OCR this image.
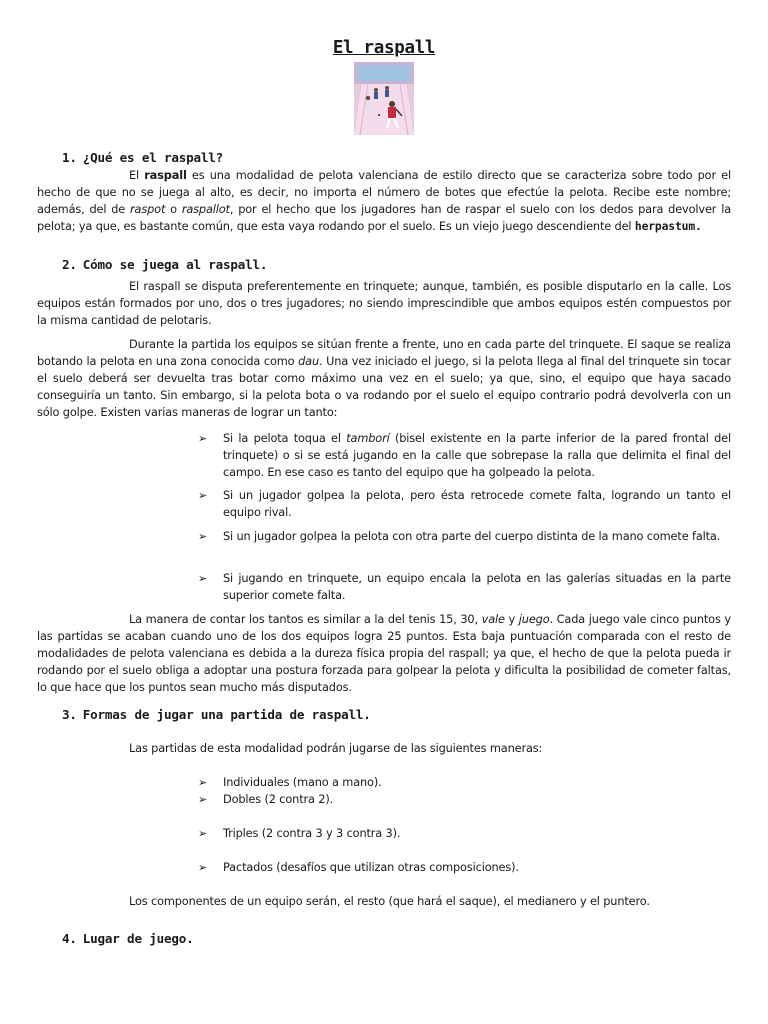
El raspall
1. ¿Qué es el raspall?
El raspall es una modalidad de pelota valenciana de estilo directo que se caracteriza sobre todo por el hecho de que no se juega al alto, es decir, no importa el número de botes que efectúe la pelota. Recibe este nombre; además, del de raspot o raspallot, por el hecho que los jugadores han de raspar el suelo con los dedos para devolver la pelota; ya que, es bastante común, que esta vaya rodando por el suelo. Es un viejo juego descendiente del herpastum.
2. Cómo se juega al raspall.
El raspall se disputa preferentemente en trinquete; aunque, también, es posible disputarlo en la calle. Los equipos están formados por uno, dos o tres jugadores; no siendo imprescindible que ambos equipos estén compuestos por la misma cantidad de pelotaris.
Durante la partida los equipos se sitúan frente a frente, uno en cada parte del trinquete. El saque se realiza botando la pelota en una zona conocida como dau. Una vez iniciado el juego, si la pelota llega al final del trinquete sin tocar el suelo deberá ser devuelta tras botar como máximo una vez en el suelo; ya que, sino, el equipo que haya sacado conseguiría un tanto. Sin embargo, si la pelota bota o va rodando por el suelo el equipo contrario podrá devolverla con un sólo golpe. Existen varias maneras de lograr un tanto:
➢ Si la pelota toqua el tamborí (bisel existente en la parte inferior de la pared frontal del trinquete) o si se está jugando en la calle que sobrepase la ralla que delimita el final del campo. En ese caso es tanto del equipo que ha golpeado la pelota.
➢ Si un jugador golpea la pelota, pero ésta retrocede comete falta, logrando un tanto el equipo rival.
➢ Si un jugador golpea la pelota con otra parte del cuerpo distinta de la mano comete falta.
➢ Si jugando en trinquete, un equipo encala la pelota en las galerías situadas en la parte superior comete falta.
La manera de contar los tantos es similar a la del tenis 15, 30, vale y juego. Cada juego vale cinco puntos y las partidas se acaban cuando uno de los dos equipos logra 25 puntos. Esta baja puntuación comparada con el resto de modalidades de pelota valenciana es debida a la dureza física propia del raspall; ya que, el hecho de que la pelota pueda ir rodando por el suelo obliga a adoptar una postura forzada para golpear la pelota y dificulta la posibilidad de cometer faltas, lo que hace que los puntos sean mucho más disputados.
3. Formas de jugar una partida de raspall.
Las partidas de esta modalidad podrán jugarse de las siguientes maneras:
➢ Individuales (mano a mano).
➢ Dobles (2 contra 2).
➢ Triples (2 contra 3 y 3 contra 3).
➢ Pactados (desafíos que utilizan otras composiciones).
Los componentes de un equipo serán, el resto (que hará el saque), el medianero y el puntero.
4. Lugar de juego.
